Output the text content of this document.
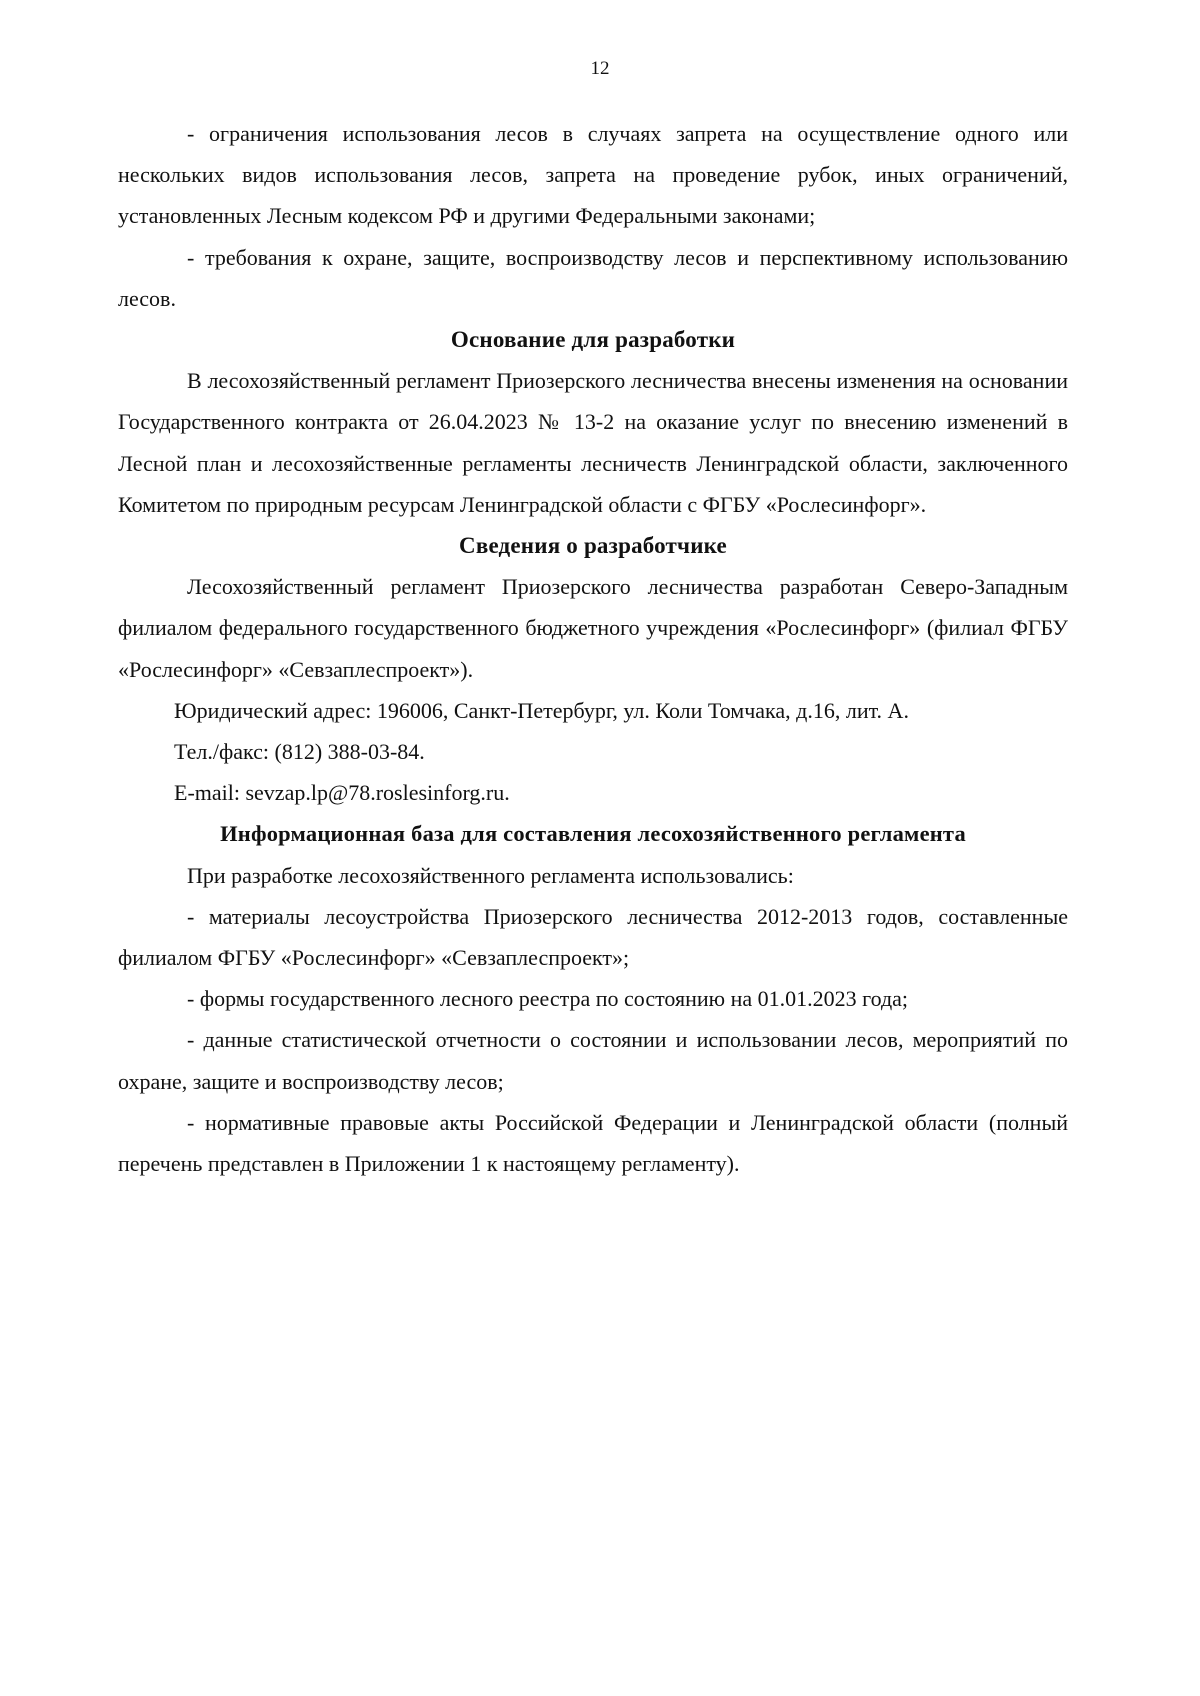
12

- ограничения использования лесов в случаях запрета на осуществление одного или нескольких видов использования лесов, запрета на проведение рубок, иных ограничений, установленных Лесным кодексом РФ и другими Федеральными законами;

- требования к охране, защите, воспроизводству лесов и перспективному использованию лесов.

Основание для разработки

В лесохозяйственный регламент Приозерского лесничества внесены изменения на основании Государственного контракта от 26.04.2023 № 13-2 на оказание услуг по внесению изменений в Лесной план и лесохозяйственные регламенты лесничеств Ленинградской области, заключенного Комитетом по природным ресурсам Ленинградской области с ФГБУ «Рослесинфорг».

Сведения о разработчике

Лесохозяйственный регламент Приозерского лесничества разработан Северо-Западным филиалом федерального государственного бюджетного учреждения «Рослесинфорг» (филиал ФГБУ «Рослесинфорг» «Севзаплеспроект»).

Юридический адрес: 196006, Санкт-Петербург, ул. Коли Томчака, д.16, лит. А.

Тел./факс: (812) 388-03-84.

E-mail: sevzap.lp@78.roslesinforg.ru.

Информационная база для составления лесохозяйственного регламента

При разработке лесохозяйственного регламента использовались:

- материалы лесоустройства Приозерского лесничества 2012-2013 годов, составленные филиалом ФГБУ «Рослесинфорг» «Севзаплеспроект»;

- формы государственного лесного реестра по состоянию на 01.01.2023 года;

- данные статистической отчетности о состоянии и использовании лесов, мероприятий по охране, защите и воспроизводству лесов;

- нормативные правовые акты Российской Федерации и Ленинградской области (полный перечень представлен в Приложении 1 к настоящему регламенту).
